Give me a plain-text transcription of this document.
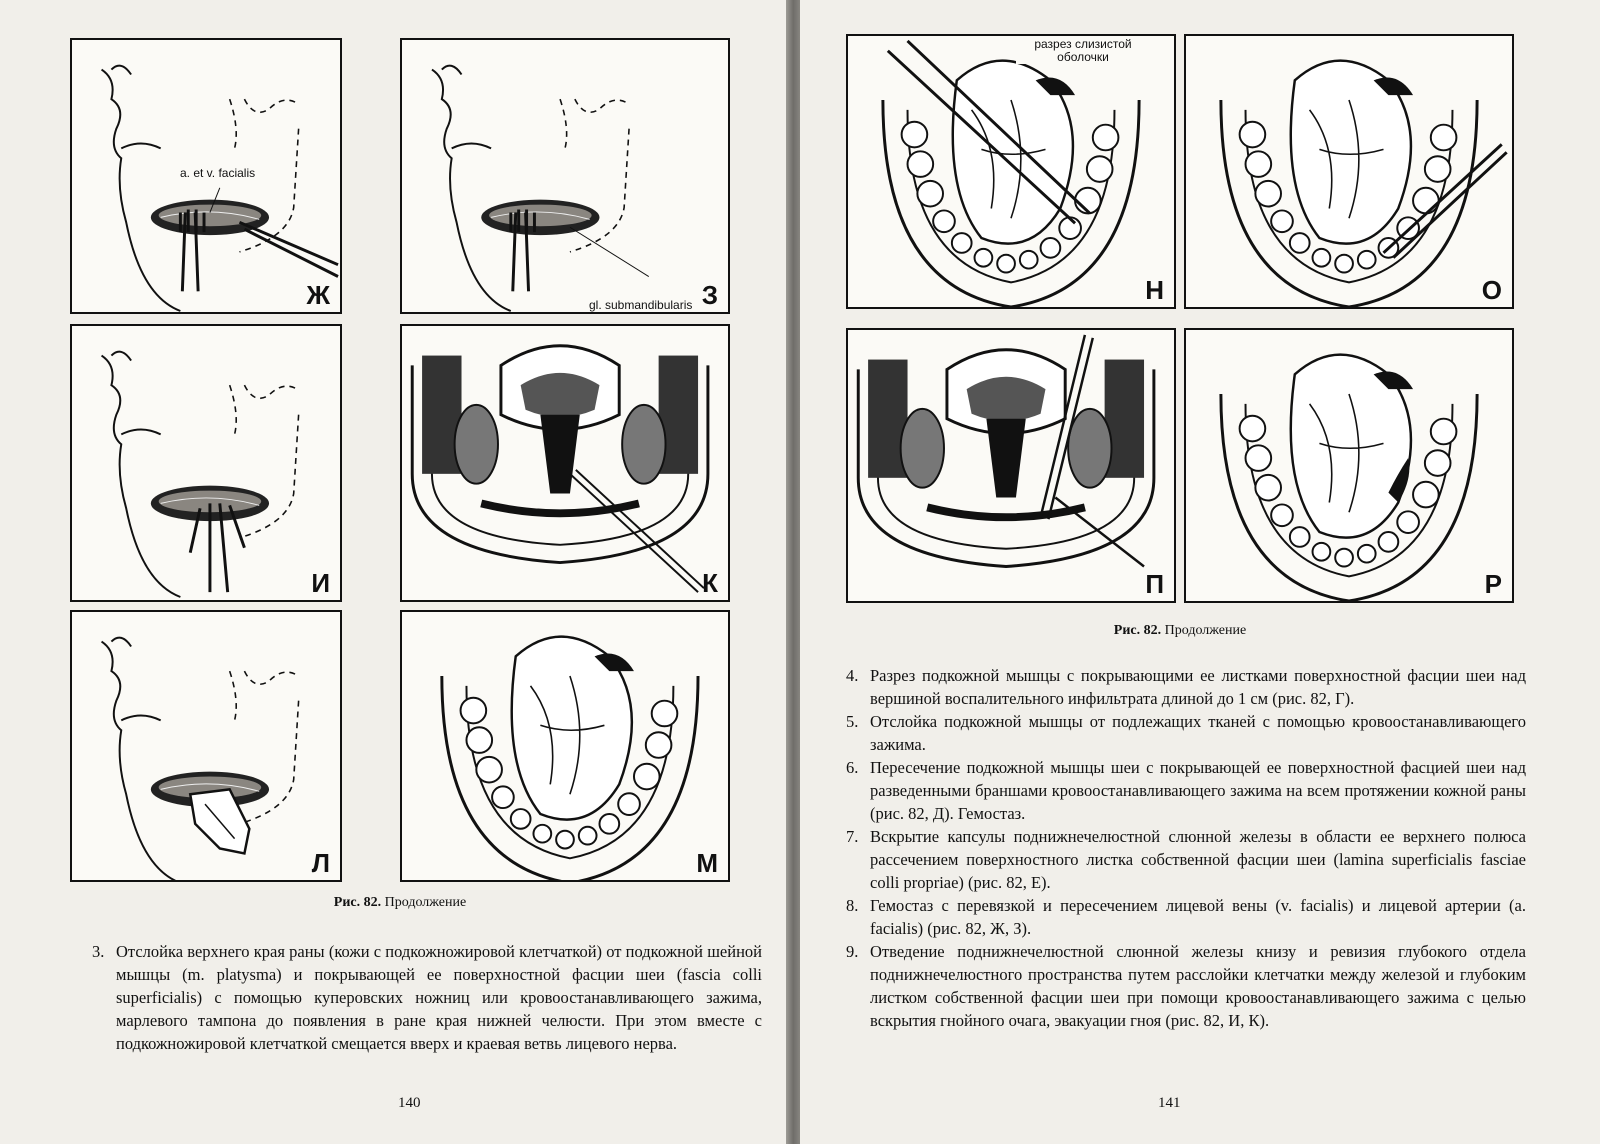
a. et v. facialis
Ж	gl. submandibularis З
И	К
Л	М
Рис. 82. Продолжение
3. Отслойка верхнего края раны (кожи с подкожножировой клетчаткой) от подкожной шейной мышцы (m. platysma) и покрывающей ее поверхностной фасции шеи (fascia colli superficialis) с помощью куперовских ножниц или кровоостанавливающего зажима, марлевого тампона до появления в ране края нижней челюсти. При этом вместе с подкожножировой клетчаткой смещается вверх и краевая ветвь лицевого нерва.
140
разрез слизистой оболочки
Н	О
П	Р
Рис. 82. Продолжение
4. Разрез подкожной мышцы с покрывающими ее листками поверхностной фасции шеи над вершиной воспалительного инфильтрата длиной до 1 см (рис. 82, Г).
5. Отслойка подкожной мышцы от подлежащих тканей с помощью кровоостанавливающего зажима.
6. Пересечение подкожной мышцы шеи с покрывающей ее поверхностной фасцией шеи над разведенными браншами кровоостанавливающего зажима на всем протяжении кожной раны (рис. 82, Д). Гемостаз.
7. Вскрытие капсулы поднижнечелюстной слюнной железы в области ее верхнего полюса рассечением поверхностного листка собственной фасции шеи (lamina superficialis fasciae colli propriae) (рис. 82, Е).
8. Гемостаз с перевязкой и пересечением лицевой вены (v. facialis) и лицевой артерии (a. facialis) (рис. 82, Ж, З).
9. Отведение поднижнечелюстной слюнной железы книзу и ревизия глубокого отдела поднижнечелюстного пространства путем расслойки клетчатки между железой и глубоким листком собственной фасции шеи при помощи кровоостанавливающего зажима с целью вскрытия гнойного очага, эвакуации гноя (рис. 82, И, К).
141
